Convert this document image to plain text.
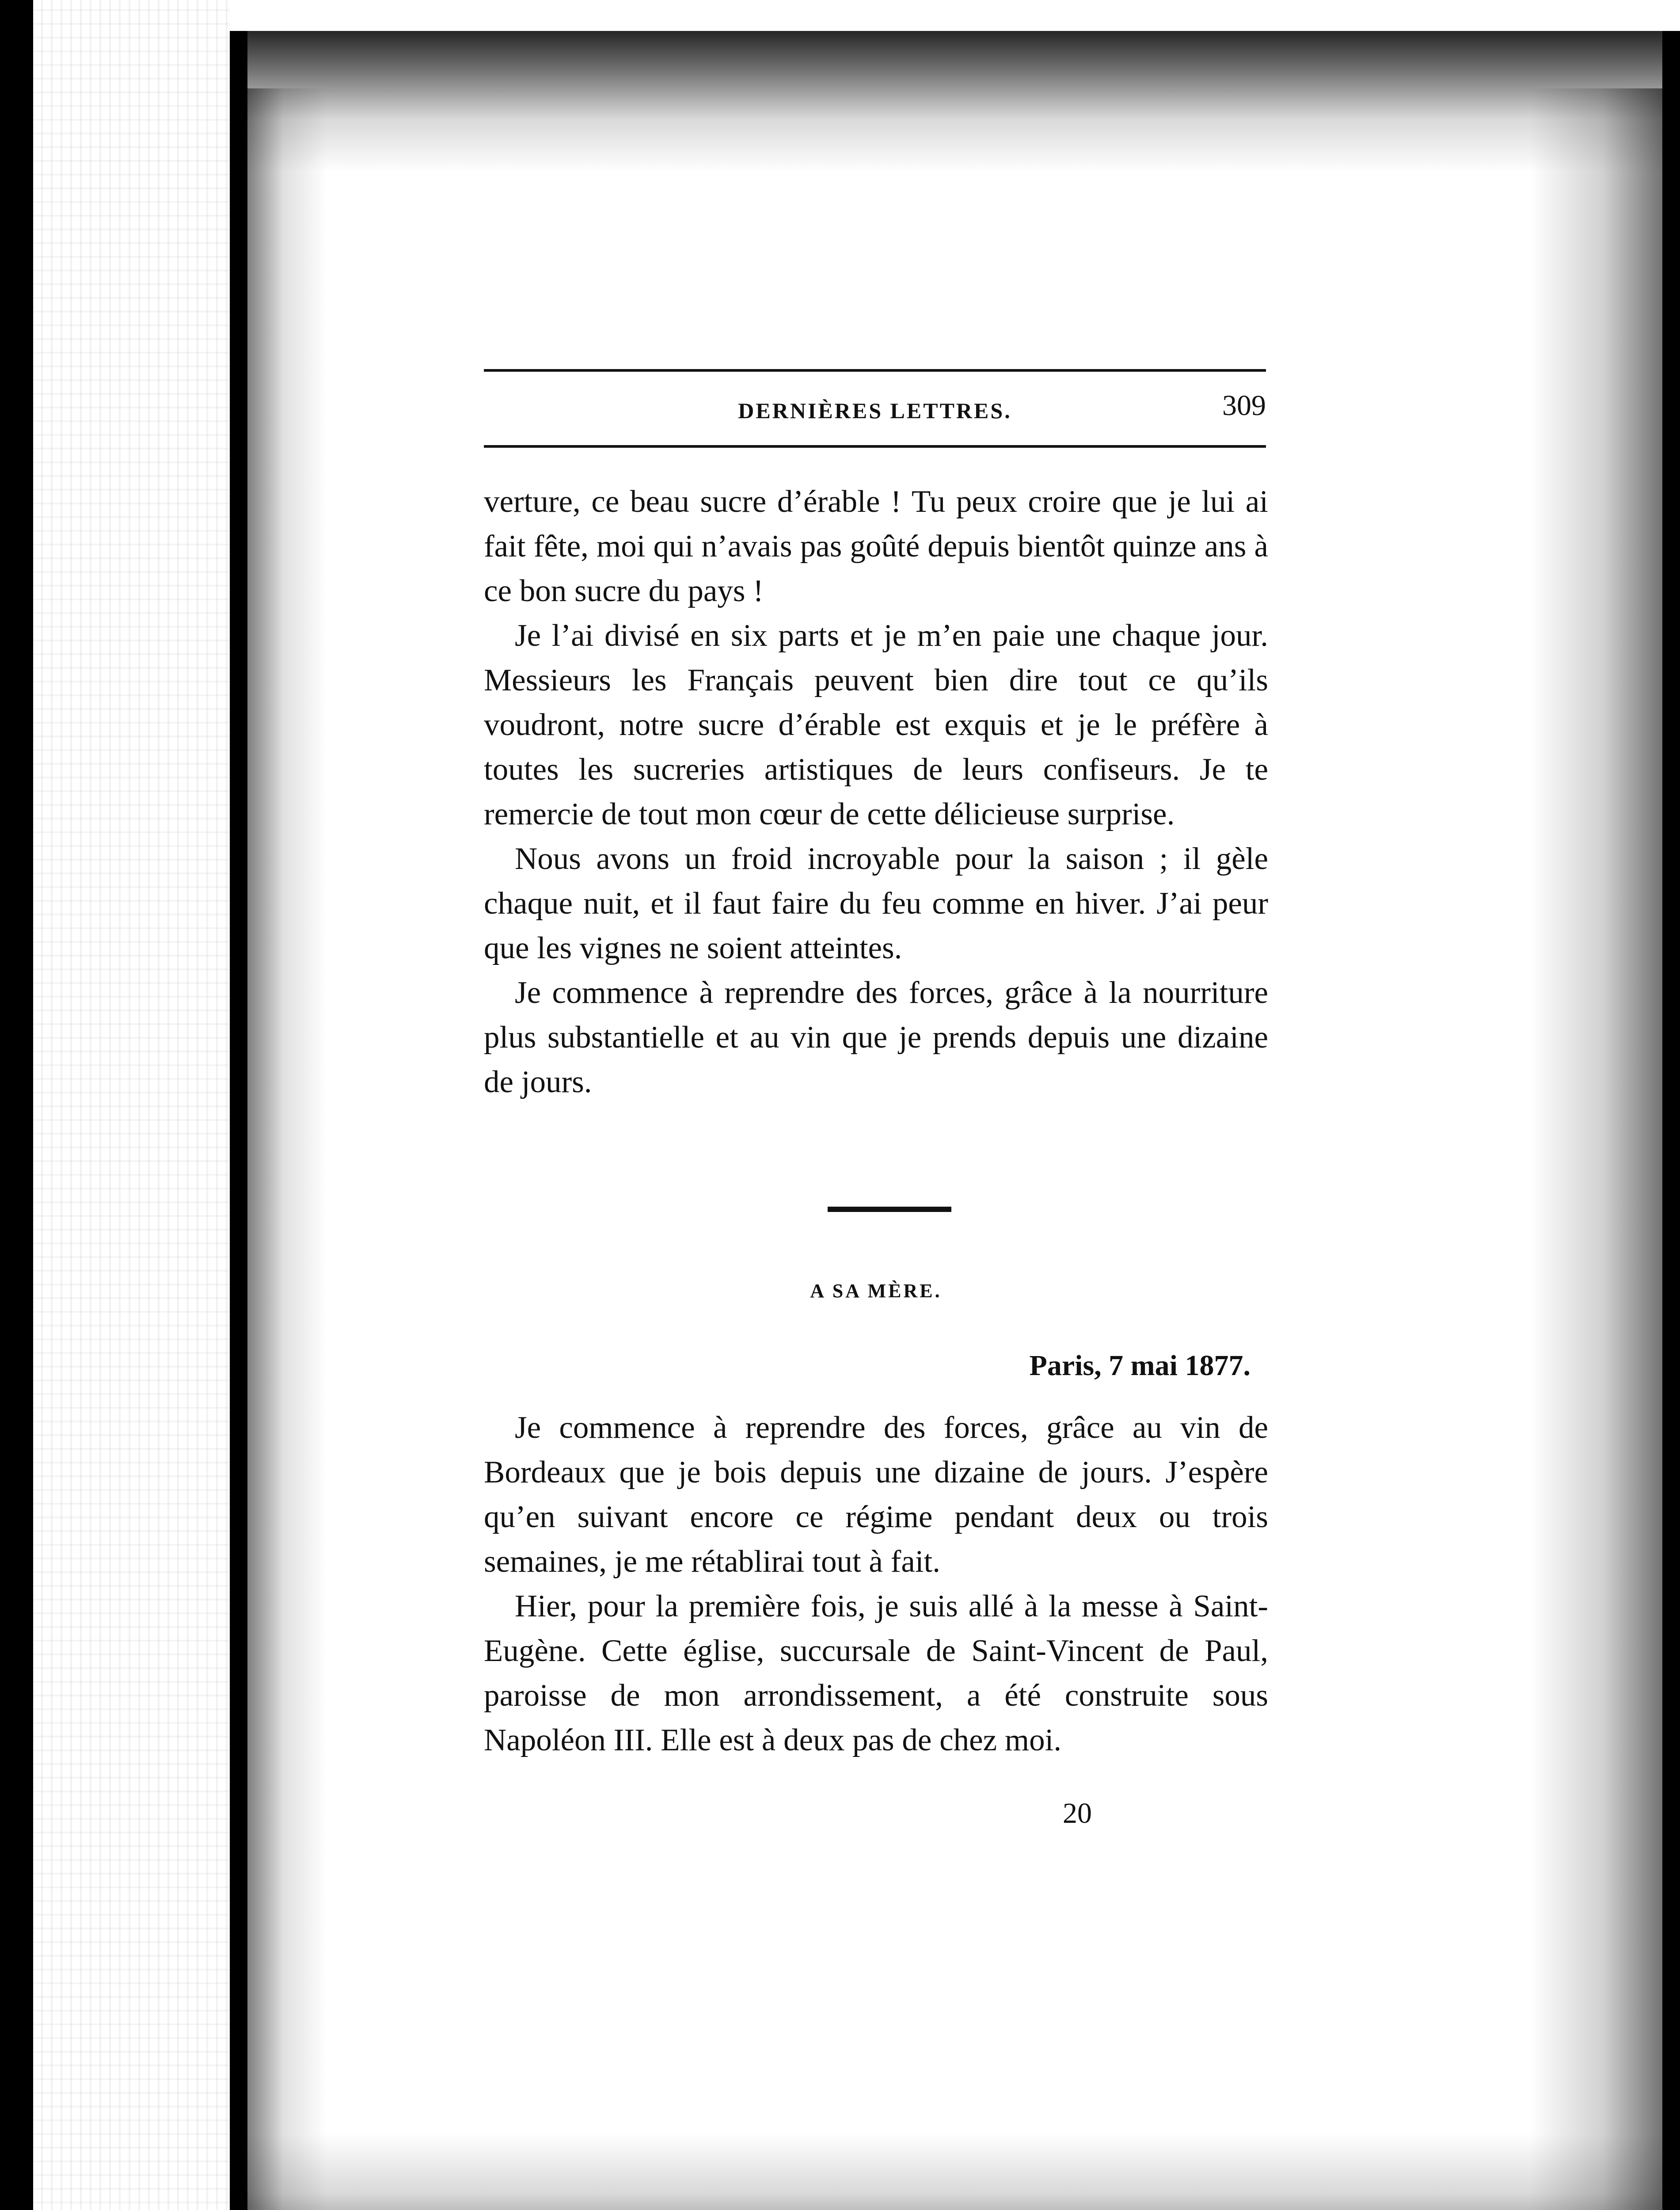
DERNIÈRES LETTRES.	309

verture, ce beau sucre d’érable ! Tu peux croire que je lui ai fait fête, moi qui n’avais pas goûté depuis bientôt quinze ans à ce bon sucre du pays !

Je l’ai divisé en six parts et je m’en paie une chaque jour. Messieurs les Français peuvent bien dire tout ce qu’ils voudront, notre sucre d’érable est exquis et je le préfère à toutes les sucreries artistiques de leurs confiseurs. Je te remercie de tout mon cœur de cette délicieuse surprise.

Nous avons un froid incroyable pour la saison ; il gèle chaque nuit, et il faut faire du feu comme en hiver. J’ai peur que les vignes ne soient atteintes.

Je commence à reprendre des forces, grâce à la nourriture plus substantielle et au vin que je prends depuis une dizaine de jours.

A SA MÈRE.
Paris, 7 mai 1877.

Je commence à reprendre des forces, grâce au vin de Bordeaux que je bois depuis une dizaine de jours. J’espère qu’en suivant encore ce régime pendant deux ou trois semaines, je me rétablirai tout à fait.

Hier, pour la première fois, je suis allé à la messe à Saint-Eugène. Cette église, succursale de Saint-Vincent de Paul, paroisse de mon arrondissement, a été construite sous Napoléon III. Elle est à deux pas de chez moi.

20
